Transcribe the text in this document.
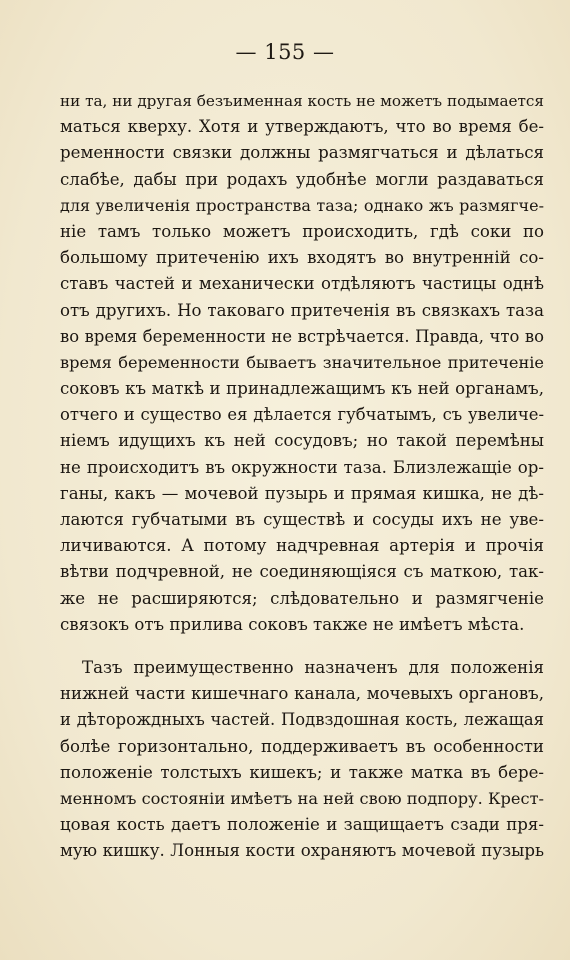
— 155 —
ни та, ни другая безъименная кость не можетъ подымается
маться кверху. Хотя и утверждаютъ, что во время бе-
ременности связки должны размягчаться и дѣлаться
слабѣе, дабы при родахъ удобнѣе могли раздаваться
для увеличенія пространства таза; однако жъ размягче-
ніе тамъ только можетъ происходить, гдѣ соки по
большому притеченію ихъ входятъ во внутренній со-
ставъ частей и механически отдѣляютъ частицы однѣ
отъ другихъ. Но таковаго притеченія въ связкахъ таза
во время беременности не встрѣчается. Правда, что во
время беременности бываетъ значительное притеченіе
соковъ къ маткѣ и принадлежащимъ къ ней органамъ,
отчего и существо ея дѣлается губчатымъ, съ увеличе-
ніемъ идущихъ къ ней сосудовъ; но такой перемѣны
не происходитъ въ окружности таза. Близлежащіе ор-
ганы, какъ — мочевой пузырь и прямая кишка, не дѣ-
лаются губчатыми въ существѣ и сосуды ихъ не уве-
личиваются. А потому надчревная артерія и прочія
вѣтви подчревной, не соединяющіяся съ маткою, так-
же не расширяются; слѣдовательно и размягченіе
связокъ отъ прилива соковъ также не имѣетъ мѣста.
Тазъ преимущественно назначенъ для положенія
нижней части кишечнаго канала, мочевыхъ органовъ,
и дѣторождныхъ частей. Подвздошная кость, лежащая
болѣе горизонтально, поддерживаетъ въ особенности
положеніе толстыхъ кишекъ; и также матка въ бере-
менномъ состояніи имѣетъ на ней свою подпору. Крест-
цовая кость даетъ положеніе и защищаетъ сзади пря-
мую кишку. Лонныя кости охраняютъ мочевой пузырь
